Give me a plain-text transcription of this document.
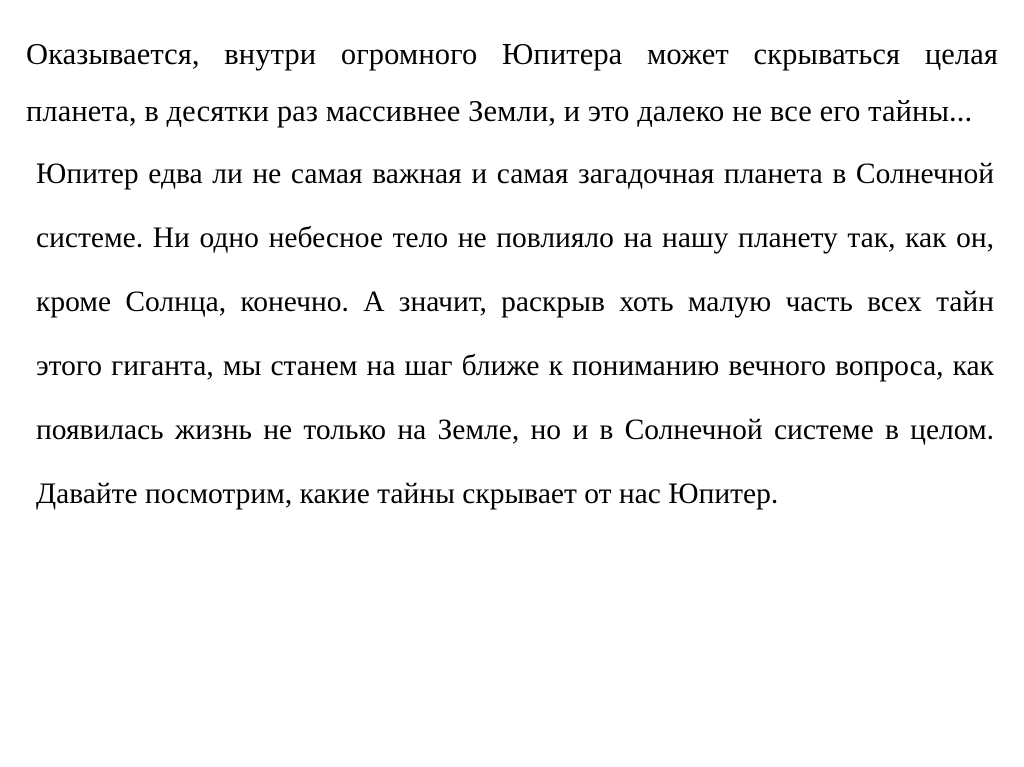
Оказывается, внутри огромного Юпитера может скрываться целая планета, в десятки раз массивнее Земли, и это далеко не все его тайны...

Юпитер едва ли не самая важная и самая загадочная планета в Солнечной системе. Ни одно небесное тело не повлияло на нашу планету так, как он, кроме Солнца, конечно. А значит, раскрыв хоть малую часть всех тайн этого гиганта, мы станем на шаг ближе к пониманию вечного вопроса, как появилась жизнь не только на Земле, но и в Солнечной системе в целом. Давайте посмотрим, какие тайны скрывает от нас Юпитер.
